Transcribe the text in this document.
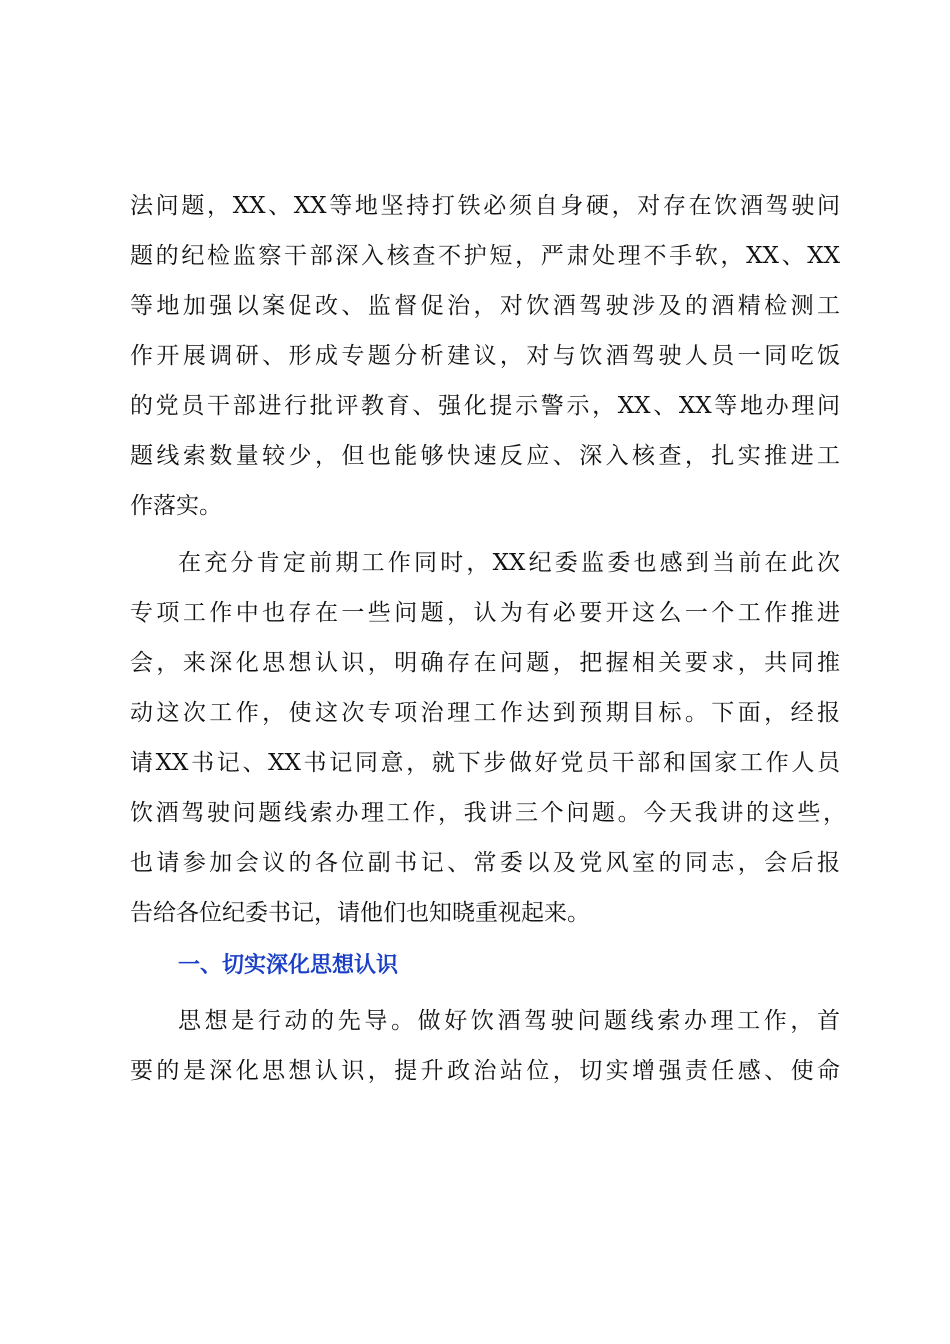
法问题，XX、XX等地坚持打铁必须自身硬，对存在饮酒驾驶问
题的纪检监察干部深入核查不护短，严肃处理不手软，XX、XX
等地加强以案促改、监督促治，对饮酒驾驶涉及的酒精检测工
作开展调研、形成专题分析建议，对与饮酒驾驶人员一同吃饭
的党员干部进行批评教育、强化提示警示，XX、XX等地办理问
题线索数量较少，但也能够快速反应、深入核查，扎实推进工
作落实。
在充分肯定前期工作同时，XX纪委监委也感到当前在此次
专项工作中也存在一些问题，认为有必要开这么一个工作推进
会，来深化思想认识，明确存在问题，把握相关要求，共同推
动这次工作，使这次专项治理工作达到预期目标。下面，经报
请XX书记、XX书记同意，就下步做好党员干部和国家工作人员
饮酒驾驶问题线索办理工作，我讲三个问题。今天我讲的这些，
也请参加会议的各位副书记、常委以及党风室的同志，会后报
告给各位纪委书记，请他们也知晓重视起来。
一、切实深化思想认识
思想是行动的先导。做好饮酒驾驶问题线索办理工作，首
要的是深化思想认识，提升政治站位，切实增强责任感、使命
